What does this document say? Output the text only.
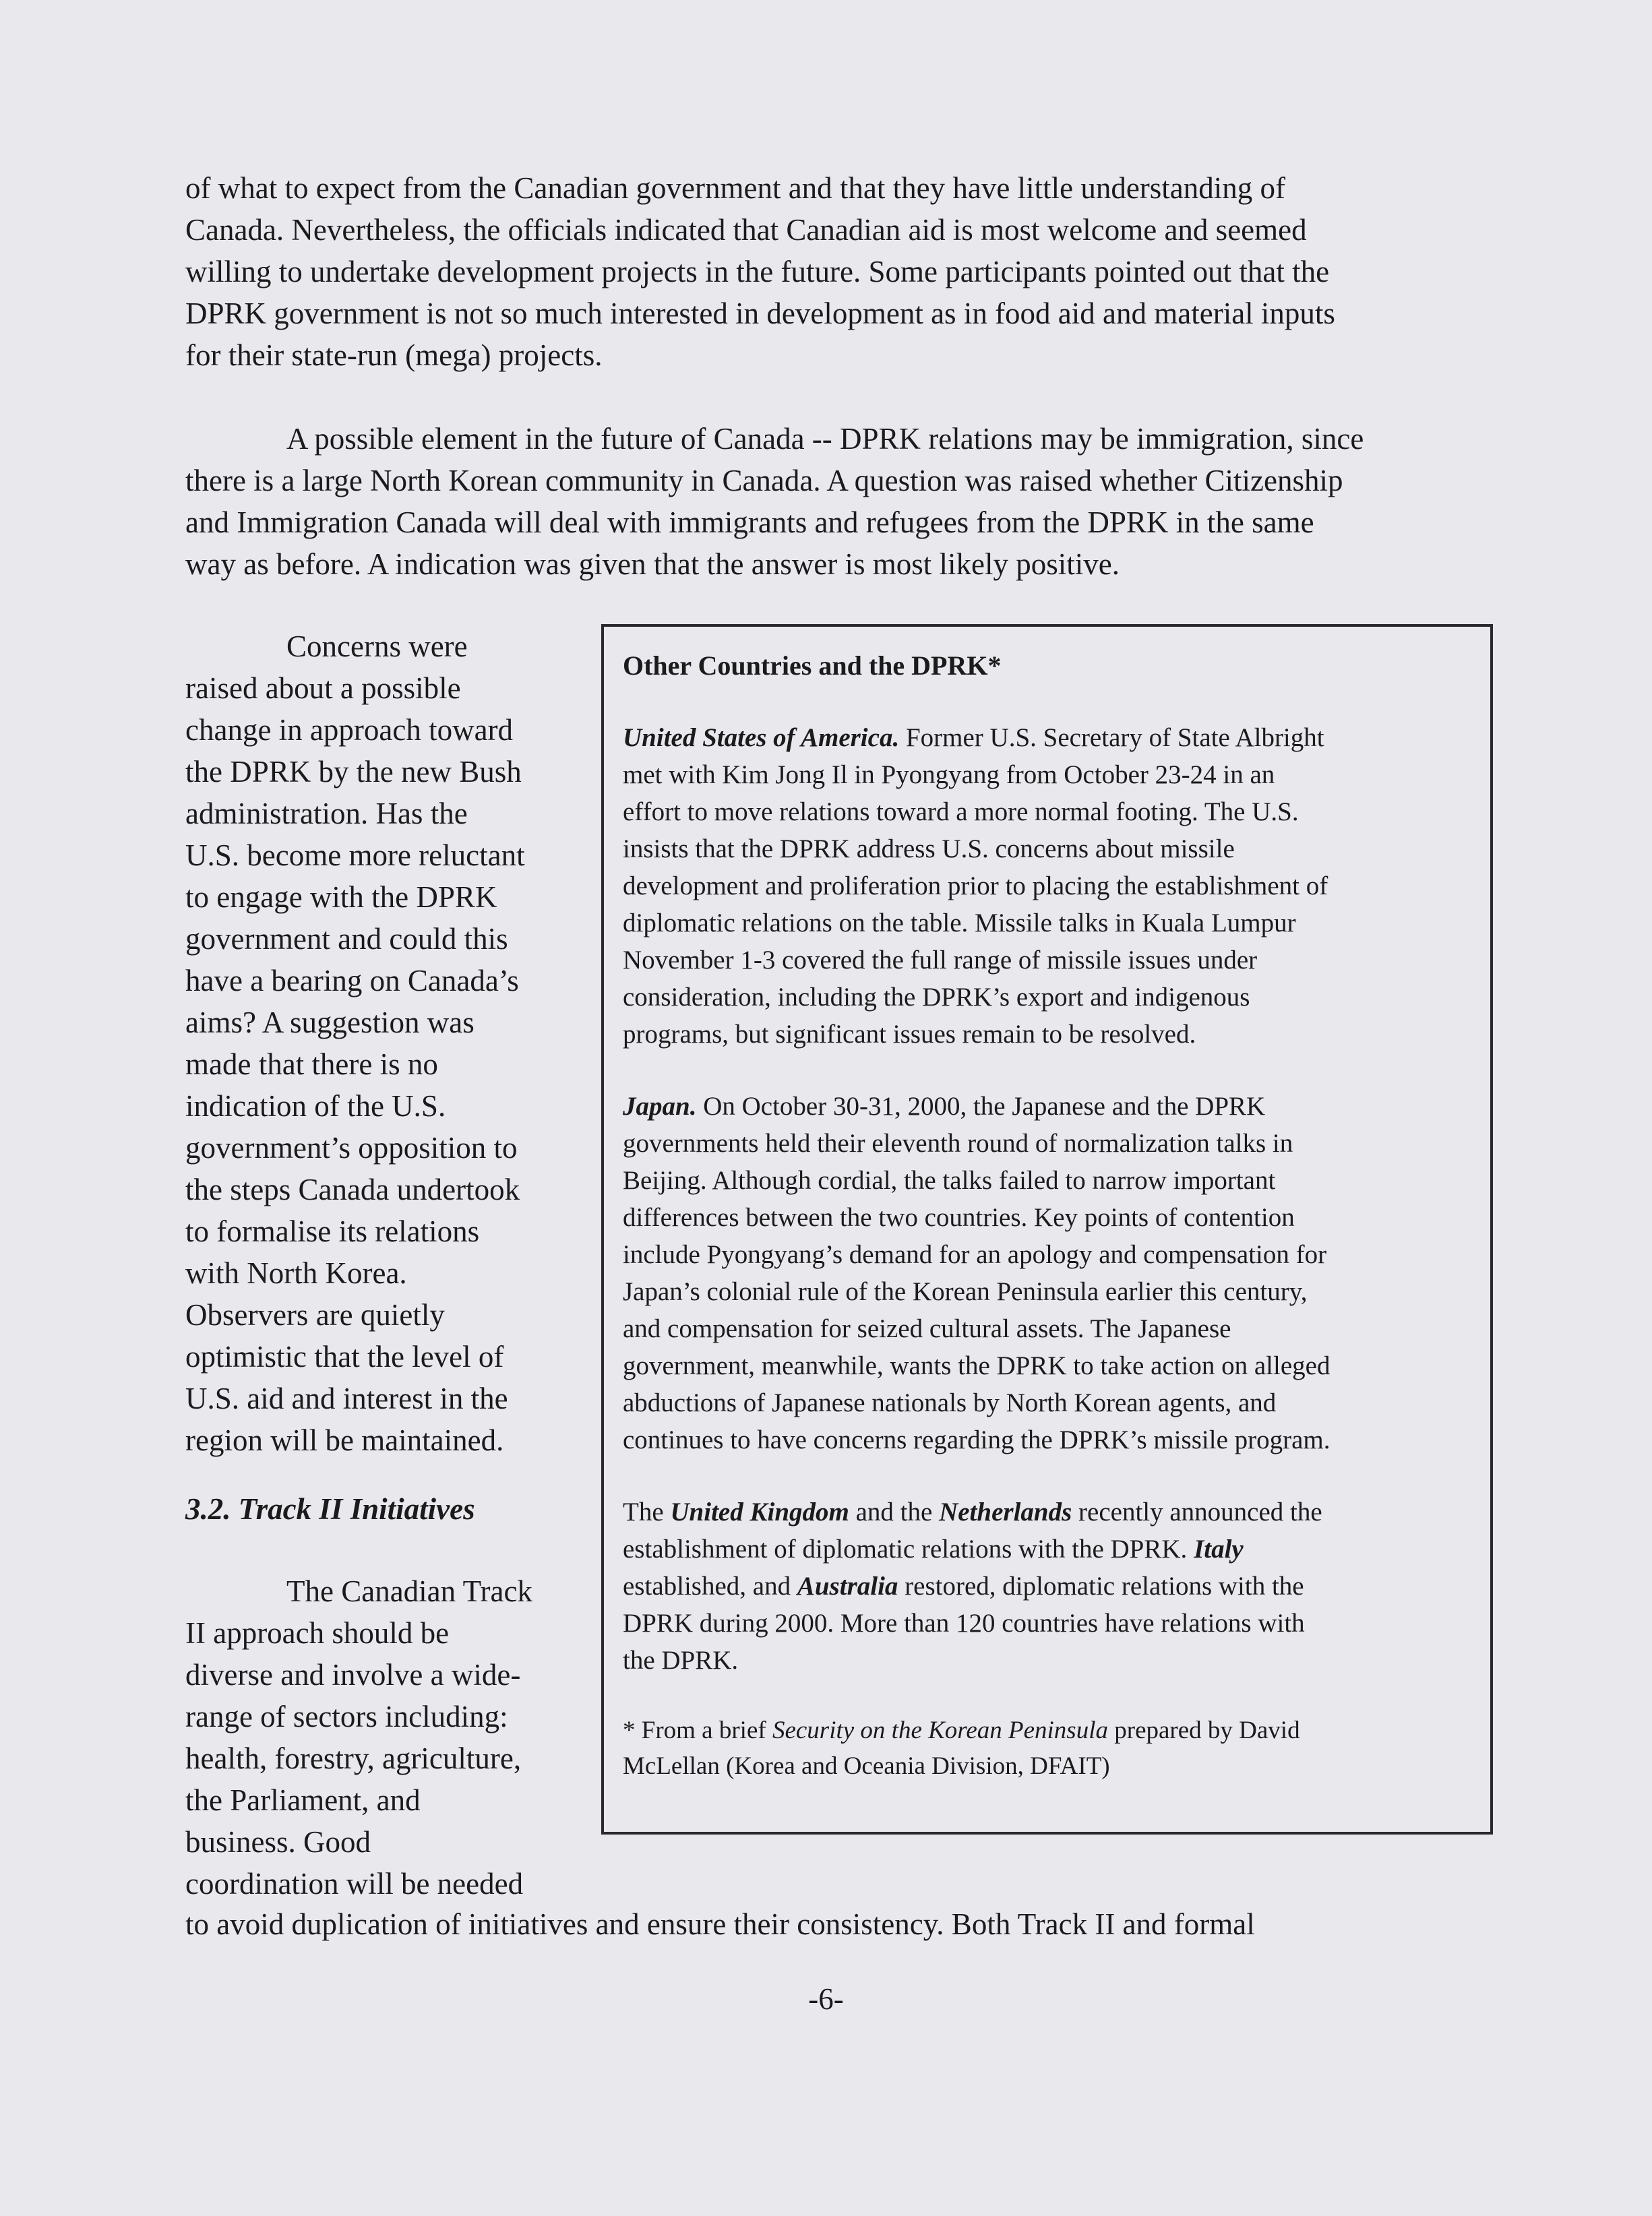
of what to expect from the Canadian government and that they have little understanding of
Canada. Nevertheless, the officials indicated that Canadian aid is most welcome and seemed
willing to undertake development projects in the future. Some participants pointed out that the
DPRK government is not so much interested in development as in food aid and material inputs
for their state-run (mega) projects.
A possible element in the future of Canada -- DPRK relations may be immigration, since
there is a large North Korean community in Canada. A question was raised whether Citizenship
and Immigration Canada will deal with immigrants and refugees from the DPRK in the same
way as before. A indication was given that the answer is most likely positive.
Concerns were
raised about a possible
change in approach toward
the DPRK by the new Bush
administration. Has the
U.S. become more reluctant
to engage with the DPRK
government and could this
have a bearing on Canada’s
aims? A suggestion was
made that there is no
indication of the U.S.
government’s opposition to
the steps Canada undertook
to formalise its relations
with North Korea.
Observers are quietly
optimistic that the level of
U.S. aid and interest in the
region will be maintained.
3.2. Track II Initiatives
The Canadian Track
II approach should be
diverse and involve a wide-
range of sectors including:
health, forestry, agriculture,
the Parliament, and
business. Good
coordination will be needed
to avoid duplication of initiatives and ensure their consistency. Both Track II and formal

Other Countries and the DPRK*

United States of America. Former U.S. Secretary of State Albright
met with Kim Jong Il in Pyongyang from October 23-24 in an
effort to move relations toward a more normal footing. The U.S.
insists that the DPRK address U.S. concerns about missile
development and proliferation prior to placing the establishment of
diplomatic relations on the table. Missile talks in Kuala Lumpur
November 1-3 covered the full range of missile issues under
consideration, including the DPRK’s export and indigenous
programs, but significant issues remain to be resolved.
Japan. On October 30-31, 2000, the Japanese and the DPRK
governments held their eleventh round of normalization talks in
Beijing. Although cordial, the talks failed to narrow important
differences between the two countries. Key points of contention
include Pyongyang’s demand for an apology and compensation for
Japan’s colonial rule of the Korean Peninsula earlier this century,
and compensation for seized cultural assets. The Japanese
government, meanwhile, wants the DPRK to take action on alleged
abductions of Japanese nationals by North Korean agents, and
continues to have concerns regarding the DPRK’s missile program.
The United Kingdom and the Netherlands recently announced the
establishment of diplomatic relations with the DPRK. Italy
established, and Australia restored, diplomatic relations with the
DPRK during 2000. More than 120 countries have relations with
the DPRK.
* From a brief Security on the Korean Peninsula prepared by David
McLellan (Korea and Oceania Division, DFAIT)
-6-
